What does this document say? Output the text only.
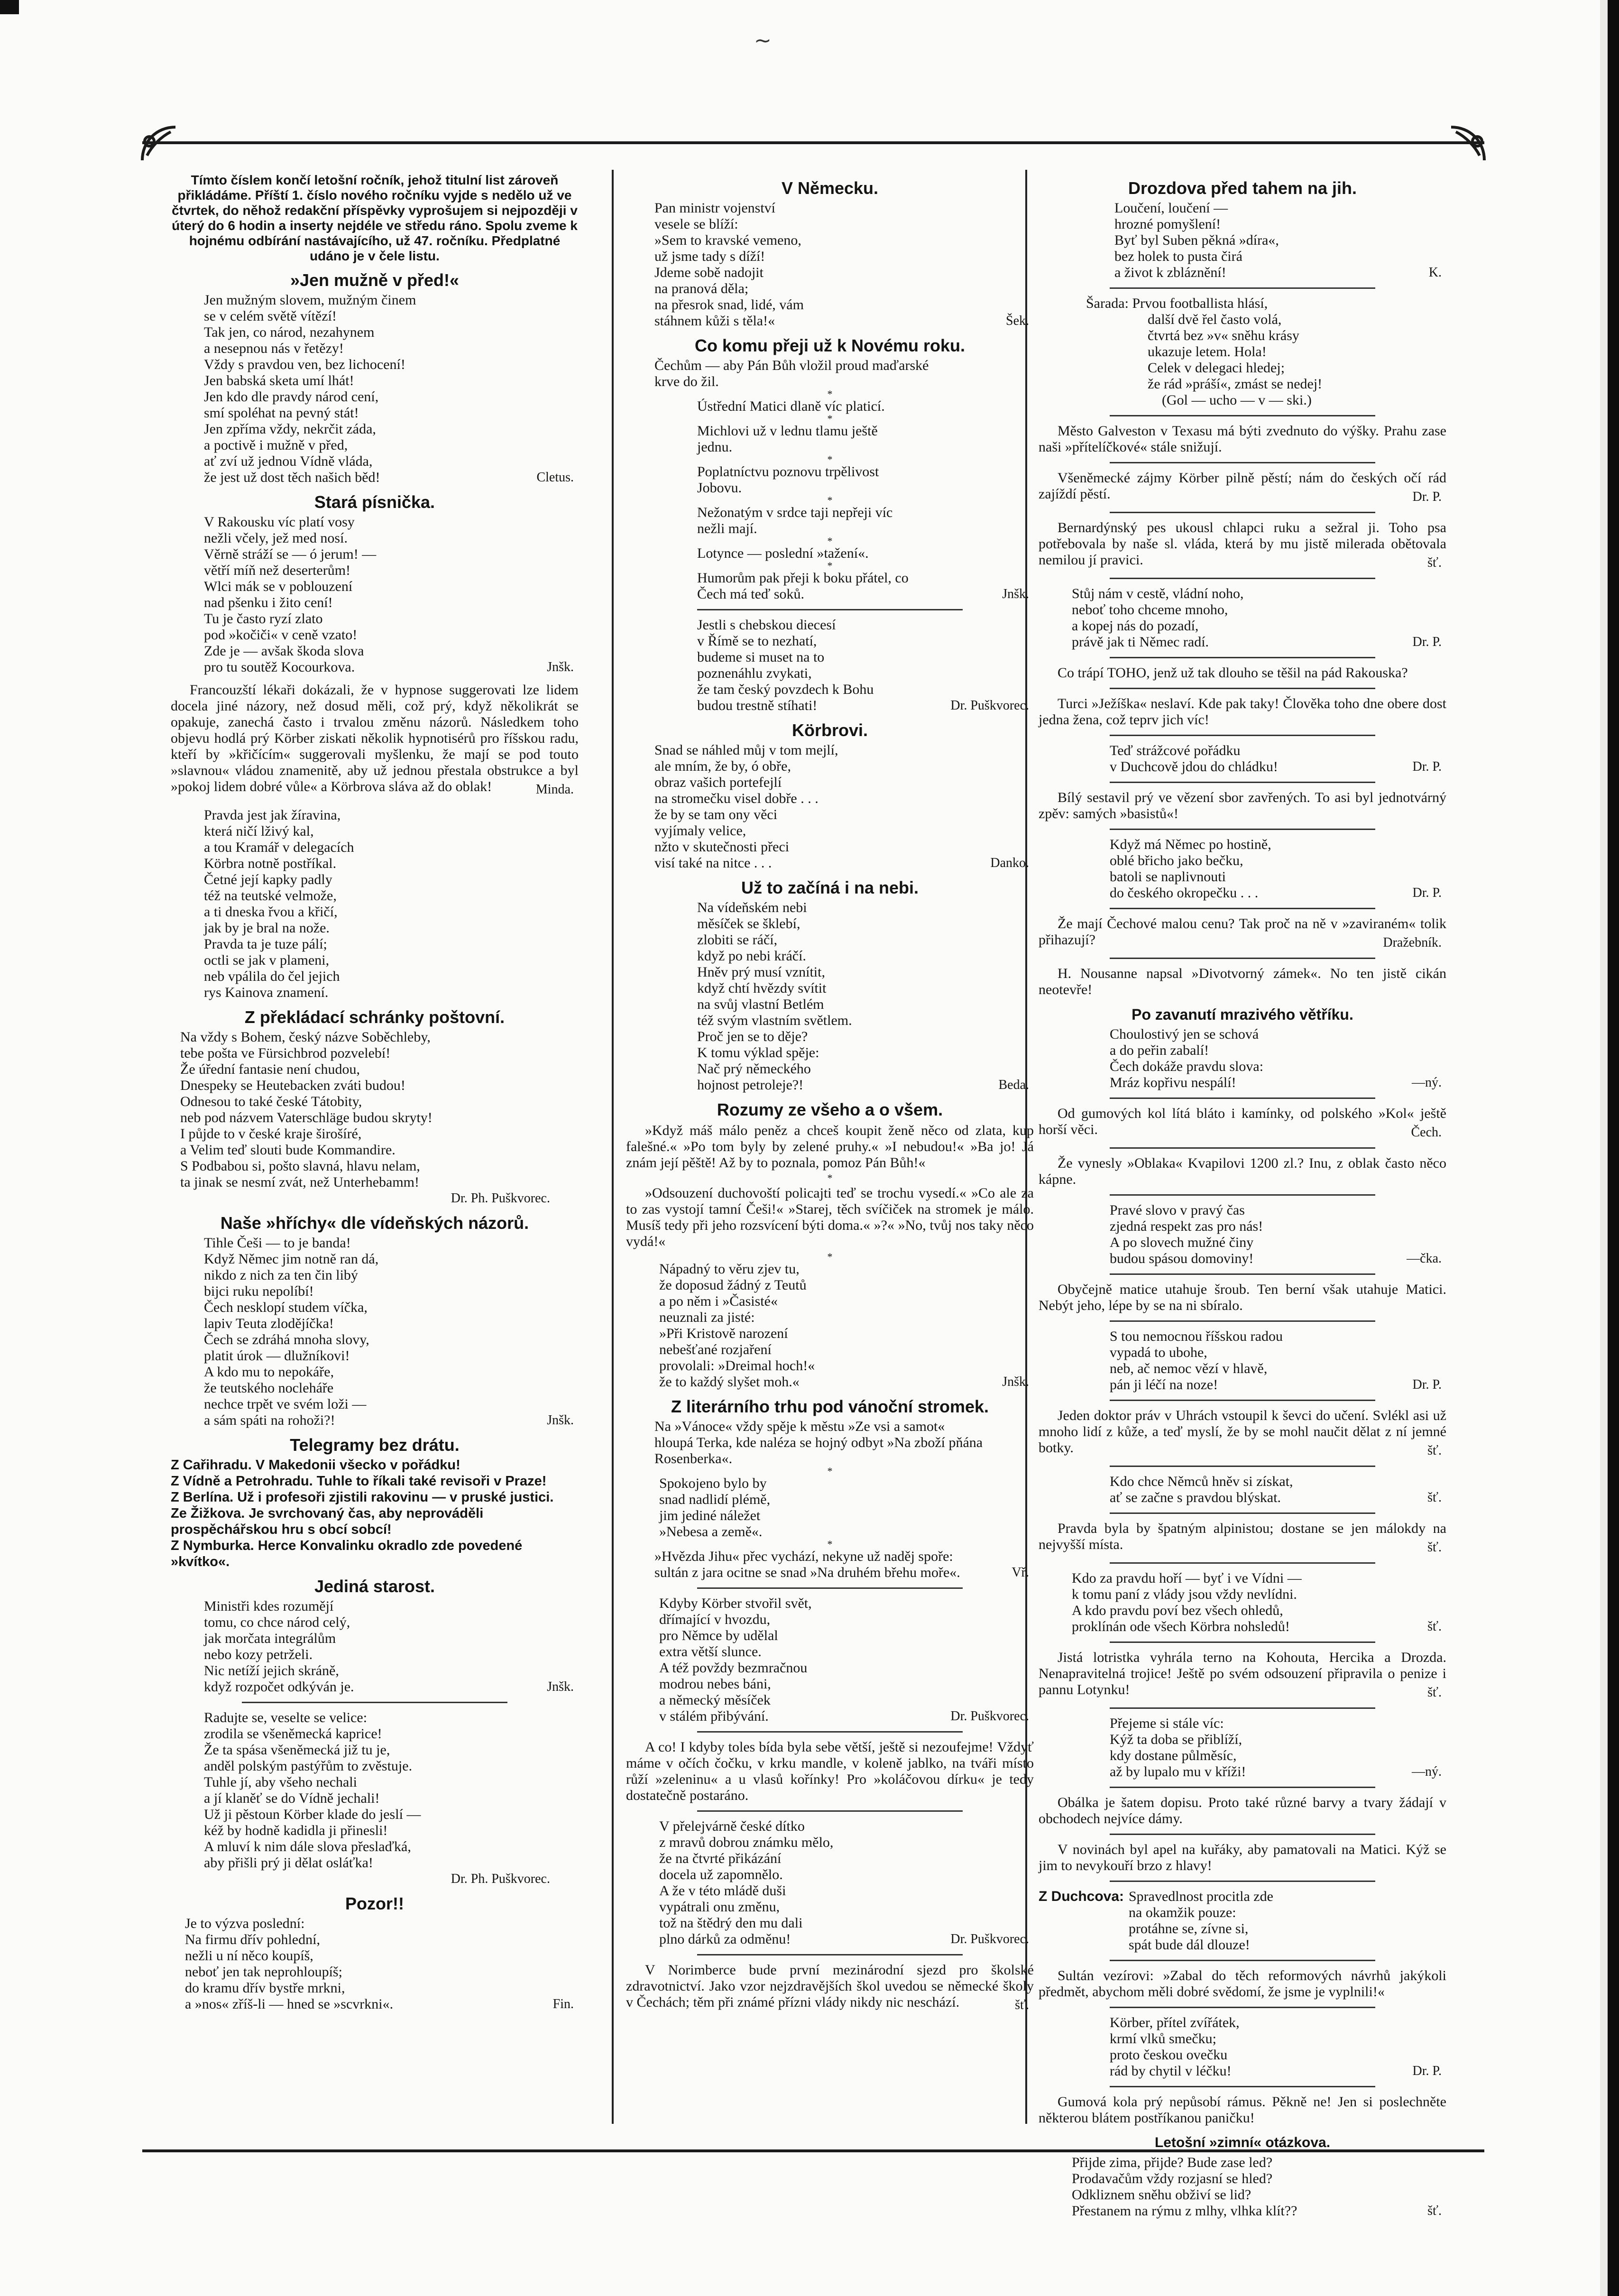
~
Tímto číslem končí letošní ročník, jehož titulní list zároveň přikládáme. Příští 1. číslo nového ročníku vyjde s nedělo už ve čtvrtek, do něhož redakční příspěvky vyprošujem si nejpozději v úterý do 6 hodin a inserty nejdéle ve středu ráno. Spolu zveme k hojnému odbírání nastávajícího, už 47. ročníku. Předplatné udáno je v čele listu.
»Jen mužně v před!«
Jen mužným slovem, mužným činem
se v celém světě vítězí!
Tak jen, co národ, nezahynem
a nesepnou nás v řetězy!
Vždy s pravdou ven, bez lichocení!
Jen babská sketa umí lhát!
Jen kdo dle pravdy národ cení,
smí spoléhat na pevný stát!
Jen zpříma vždy, nekrčit záda,
a poctivě i mužně v před,
ať zví už jednou Vídně vláda,
že jest už dost těch našich běd!	Cletus.
Stará písnička.
V Rakousku víc platí vosy
nežli včely, jež med nosí.
Věrně stráží se — ó jerum! —
větří míň než deserterům!
Wlci mák se v poblouzení
nad pšenku i žito cení!
Tu je často ryzí zlato
pod »kočiči« v ceně vzato!
Zde je — avšak škoda slova
pro tu soutěž Kocourkova.	Jnšk.
Francouzští lékaři dokázali, že v hypnose suggerovati lze lidem docela jiné názory, než dosud měli, což prý, když několikrát se opakuje, zanechá často i trvalou změnu názorů. Následkem toho objevu hodlá prý Körber ziskati několik hypnotisérů pro říšskou radu, kteří by »křičícím« suggerovali myšlenku, že mají se pod touto »slavnou« vládou znamenitě, aby už jednou přestala obstrukce a byl »pokoj lidem dobré vůle« a Körbrova sláva až do oblak!	Minda.
Pravda jest jak žíravina,
která ničí lživý kal,
a tou Kramář v delegacích
Körbra notně postříkal.
Četné její kapky padly
též na teutské velmože,
a ti dneska řvou a křičí,
jak by je bral na nože.
Pravda ta je tuze pálí;
octli se jak v plameni,
neb vpálila do čel jejich
rys Kainova znamení.
Z překládací schránky poštovní.
Na vždy s Bohem, český názve Soběchleby,
tebe pošta ve Fürsichbrod pozvelebí!
Že úřední fantasie není chudou,
Dnespeky se Heutebacken zváti budou!
Odnesou to také české Tátobity,
neb pod názvem Vaterschläge budou skryty!
I půjde to v české kraje širošíré,
a Velim teď slouti bude Kommandire.
S Podbabou si, pošto slavná, hlavu nelam,
ta jinak se nesmí zvát, než Unterhebamm!
Dr. Ph. Puškvorec.
Naše »hříchy« dle vídeňských názorů.
Tihle Češi — to je banda!
Když Němec jim notně ran dá,
nikdo z nich za ten čin libý
bijci ruku nepolíbí!
Čech nesklopí studem víčka,
lapiv Teuta zlodějíčka!
Čech se zdráhá mnoha slovy,
platit úrok — dlužníkovi!
A kdo mu to nepokáře,
že teutského nocleháře
nechce trpět ve svém loži —
a sám spáti na rohoži?!	Jnšk.
Telegramy bez drátu.
Z Cařihradu. V Makedonii všecko v pořádku!
Z Vídně a Petrohradu. Tuhle to říkali také revisoři v Praze!
Z Berlína. Už i profesoři zjistili rakovinu — v pruské justici.
Ze Žižkova. Je svrchovaný čas, aby neprováděli prospěchářskou hru s obcí sobcí!
Z Nymburka. Herce Konvalinku okradlo zde povedené »kvítko«.
Jediná starost.
Ministři kdes rozumějí
tomu, co chce národ celý,
jak morčata integrálům
nebo kozy petrželi.
Nic netíží jejich skráně,
když rozpočet odkýván je.	Jnšk.
Radujte se, veselte se velice:
zrodila se všeněmecká kaprice!
Že ta spása všeněmecká již tu je,
anděl polským pastýřům to zvěstuje.
Tuhle jí, aby všeho nechali
a jí klaněť se do Vídně jechali!
Už ji pěstoun Körber klade do jeslí —
kéž by hodně kadidla ji přinesli!
A mluví k nim dále slova přeslaďká,
aby přišli prý ji dělat osláťka!
Dr. Ph. Puškvorec.
Pozor!!
Je to výzva poslední:
Na firmu dřív pohlední,
nežli u ní něco koupíš,
neboť jen tak neprohloupíš;
do kramu dřív bystře mrkni,
a »nos« zříš-li — hned se »scvrkni«.	Fin.
V Německu.
Pan ministr vojenství
vesele se blíží:
»Sem to kravské vemeno,
už jsme tady s díží!
Jdeme sobě nadojit
na pranová děla;
na přesrok snad, lidé, vám
stáhnem kůži s těla!«	Šek.
Co komu přeji už k Novému roku.
Čechům — aby Pán Bůh vložil proud maďarské krve do žil.
*
Ústřední Matici dlaně víc platicí.
*
Michlovi už v lednu tlamu ještě jednu.
*
Poplatníctvu poznovu trpělivost Jobovu.
*
Nežonatým v srdce taji nepřeji víc nežli mají.
*
Lotynce — poslední »tažení«.
*
Humorům pak přeji k boku přátel, co Čech má teď soků.	Jnšk.
Jestli s chebskou diecesí
v Římě se to nezhatí,
budeme si muset na to
poznenáhlu zvykati,
že tam český povzdech k Bohu
budou trestně stíhati!	Dr. Puškvorec.
Körbrovi.
Snad se náhled můj v tom mejlí,
ale mním, že by, ó obře,
obraz vašich portefejlí
na stromečku visel dobře . . .
že by se tam ony věci
vyjímaly velice,
nžto v skutečnosti přeci
visí také na nitce . . .	Danko.
Už to začíná i na nebi.
Na vídeňském nebi
měsíček se šklebí,
zlobiti se ráčí,
když po nebi kráčí.
Hněv prý musí vznítit,
když chtí hvězdy svítit
na svůj vlastní Betlém
též svým vlastním světlem.
Proč jen se to děje?
K tomu výklad spěje:
Nač prý německého
hojnost petroleje?!	Beda.
Rozumy ze všeho a o všem.
»Když máš málo peněz a chceš koupit ženě něco od zlata, kup falešné.« »Po tom byly by zelené pruhy.« »I nebudou!« »Ba jo! Já znám její pěště! Až by to poznala, pomoz Pán Bůh!«
*
»Odsouzení duchovoští policajti teď se trochu vysedí.« »Co ale za to zas vystojí tamní Češi!« »Starej, těch svíčiček na stromek je málo. Musíš tedy při jeho rozsvícení býti doma.« »?« »No, tvůj nos taky něco vydá!«
*
Nápadný to věru zjev tu,
že doposud žádný z Teutů
a po něm i »Časisté«
neuznali za jisté:
»Při Kristově narození
nebešťané rozjaření
provolali: »Dreimal hoch!«
že to každý slyšet moh.«	Jnšk.
Z literárního trhu pod vánoční stromek.
Na »Vánoce« vždy spěje k městu »Ze vsi a samot« hloupá Terka, kde naléza se hojný odbyt »Na zboží pňána Rosenberka«.
*
Spokojeno bylo by
snad nadlidí plémě,
jim jediné náležet
»Nebesa a země«.
*
»Hvězda Jihu« přec vychází, nekyne už naděj spoře: sultán z jara ocitne se snad »Na druhém břehu moře«.	Vř.
Kdyby Körber stvořil svět,
dřímající v hvozdu,
pro Němce by udělal
extra větší slunce.
A též povždy bezmračnou
modrou nebes báni,
a německý měsíček
v stálém přibývání.	Dr. Puškvorec.
A co! I kdyby toles bída byla sebe větší, ještě si nezoufejme! Vždyť máme v očích čočku, v krku mandle, v koleně jablko, na tváři místo růží »zeleninu« a u vlasů kořínky! Pro »koláčovou dírku« je tedy dostatečně postaráno.
V přelejvárně české dítko
z mravů dobrou známku mělo,
že na čtvrté přikázání
docela už zapomnělo.
A že v této mládě duši
vypátrali onu změnu,
tož na štědrý den mu dali
plno dárků za odměnu!	Dr. Puškvorec.
V Norimberce bude první mezinárodní sjezd pro školské zdravotnictví. Jako vzor nejzdravějších škol uvedou se německé školy v Čechách; těm při známé přízni vlády nikdy nic neschází.	šť.
Drozdova před tahem na jih.
Loučení, loučení —
hrozné pomyšlení!
Byť byl Suben pěkná »díra«,
bez holek to pusta čirá
a život k zbláznění!	K.
Šarada: Prvou footballista hlásí,
další dvě řel často volá,
čtvrtá bez »v« sněhu krásy
ukazuje letem. Hola!
Celek v delegaci hledej;
že rád »práší«, zmást se nedej!
(Gol — ucho — v — ski.)
Město Galveston v Texasu má býti zvednuto do výšky. Prahu zase naši »přítelíčkové« stále snižují.
Všeněmecké zájmy Körber pilně pěstí; nám do českých očí rád zajíždí pěstí.	Dr. P.
Bernardýnský pes ukousl chlapci ruku a sežral ji. Toho psa potřebovala by naše sl. vláda, která by mu jistě milerada obětovala nemilou jí pravici.	šť.
Stůj nám v cestě, vládní noho,
neboť toho chceme mnoho,
a kopej nás do pozadí,
právě jak ti Němec radí.	Dr. P.
Co trápí TOHO, jenž už tak dlouho se těšil na pád Rakouska?
Turci »Ježíška« neslaví. Kde pak taky! Člověka toho dne obere dost jedna žena, což teprv jich víc!
Teď strážcové pořádku
v Duchcově jdou do chládku!	Dr. P.
Bílý sestavil prý ve vězení sbor zavřených. To asi byl jednotvárný zpěv: samých »basistů«!
Když má Němec po hostině,
oblé břicho jako bečku,
batoli se naplivnouti
do českého okropečku . . .	Dr. P.
Že mají Čechové malou cenu? Tak proč na ně v »zaviraném« tolik přihazují?	Dražebník.
H. Nousanne napsal »Divotvorný zámek«. No ten jistě cikán neotevře!
Po zavanutí mrazivého větříku.
Choulostivý jen se schová
a do peřin zabalí!
Čech dokáže pravdu slova:
Mráz kopřivu nespálí!	—ný.
Od gumových kol lítá bláto i kamínky, od polského »Kol« ještě horší věci.	Čech.
Že vynesly »Oblaka« Kvapilovi 1200 zl.? Inu, z oblak často něco kápne.
Pravé slovo v pravý čas
zjedná respekt zas pro nás!
A po slovech mužné činy
budou spásou domoviny!	—čka.
Obyčejně matice utahuje šroub. Ten berní však utahuje Matici. Nebýt jeho, lépe by se na ni sbíralo.
S tou nemocnou říšskou radou
vypadá to ubohe,
neb, ač nemoc vězí v hlavě,
pán ji léčí na noze!	Dr. P.
Jeden doktor práv v Uhrách vstoupil k ševci do učení. Svlékl asi už mnoho lidí z kůže, a teď myslí, že by se mohl naučit dělat z ní jemné botky.	šť.
Kdo chce Němců hněv si získat,
ať se začne s pravdou blýskat.	šť.
Pravda byla by špatným alpinistou; dostane se jen málokdy na nejvyšší místa.	šť.
Kdo za pravdu hoří — byť i ve Vídni —
k tomu paní z vlády jsou vždy nevlídni.
A kdo pravdu poví bez všech ohledů,
proklínán ode všech Körbra nohsledů!	šť.
Jistá lotristka vyhrála terno na Kohouta, Hercika a Drozda. Nenapravitelná trojice! Ještě po svém odsouzení připravila o penize i pannu Lotynku!	šť.
Přejeme si stále víc:
Kýž ta doba se přiblíží,
kdy dostane půlměsíc,
až by lupalo mu v kříži!	—ný.
Obálka je šatem dopisu. Proto také různé barvy a tvary žádají v obchodech nejvíce dámy.
V novinách byl apel na kuřáky, aby pamatovali na Matici. Kýž se jim to nevykouří brzo z hlavy!
Z Duchcova: Spravedlnost procitla zde
na okamžik pouze:
protáhne se, zívne si,
spát bude dál dlouze!
Sultán vezírovi: »Zabal do těch reformových návrhů jakýkoli předmět, abychom měli dobré svědomí, že jsme je vyplnili!«
Körber, přítel zvířátek,
krmí vlků smečku;
proto českou ovečku
rád by chytil v léčku!	Dr. P.
Gumová kola prý nepůsobí rámus. Pěkně ne! Jen si poslechněte některou blátem postříkanou paničku!
Letošní »zimní« otázkova.
Přijde zima, přijde? Bude zase led?
Prodavačům vždy rozjasní se hled?
Odkliznem sněhu obživí se lid?
Přestanem na rýmu z mlhy, vlhka klít??	šť.
